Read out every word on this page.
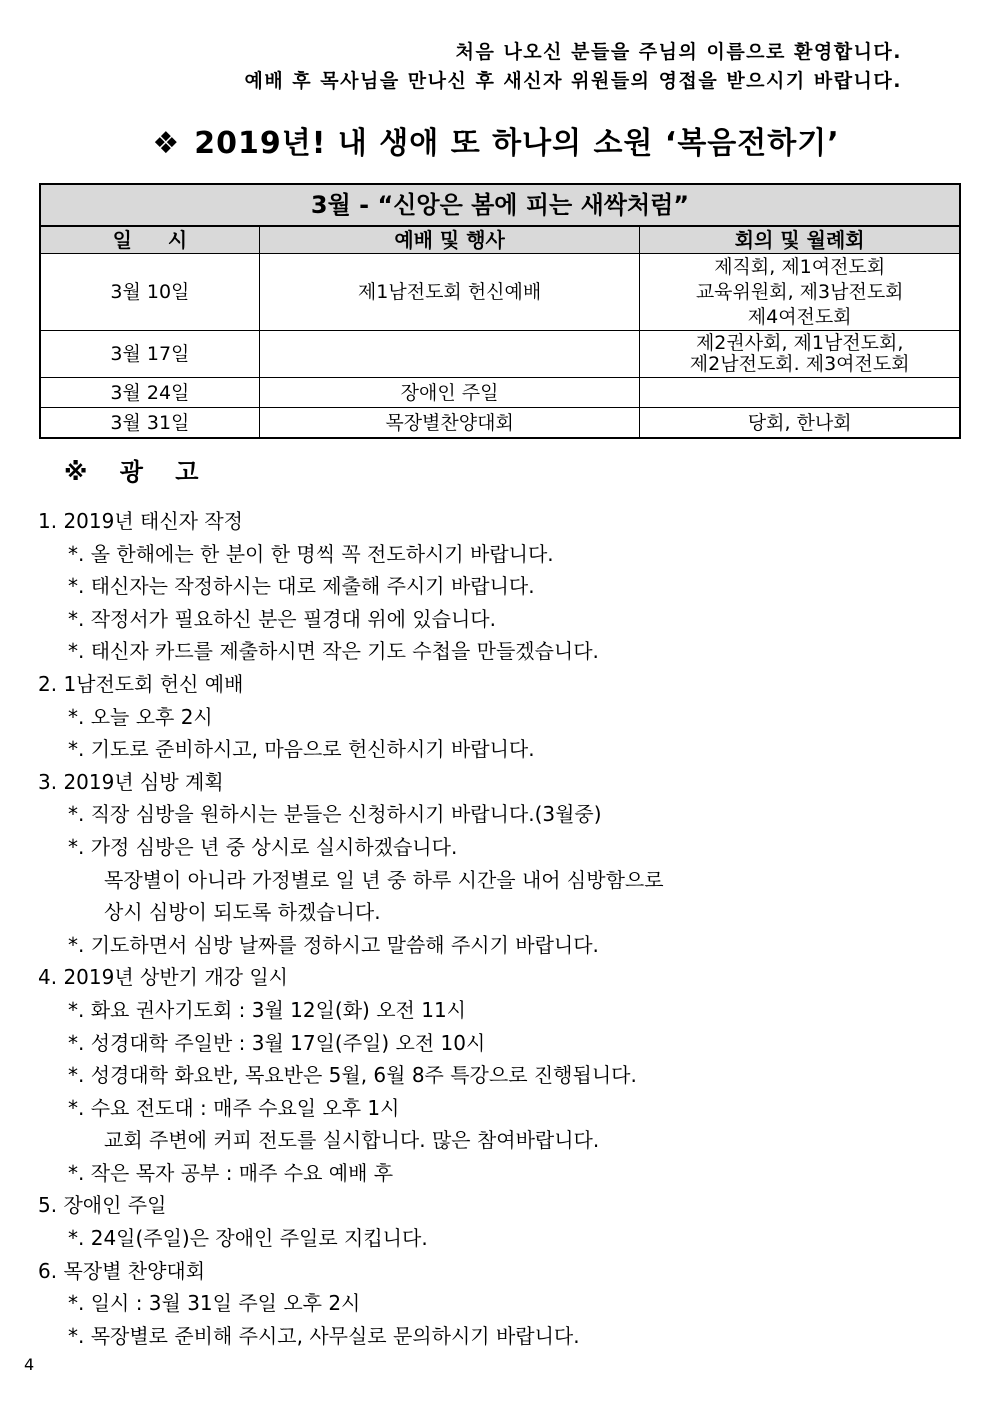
처음 나오신 분들을 주님의 이름으로 환영합니다.
예배 후 목사님을 만나신 후 새신자 위원들의 영접을 받으시기 바랍니다.
❖ 2019년! 내 생애 또 하나의 소원 ‘복음전하기’
3월 - “신앙은 봄에 피는 새싹처럼”		
일시	예배 및 행사	회의 및 월례회
3월 10일	제1남전도회 헌신예배	제직회, 제1여전도회
교육위원회, 제3남전도회
제4여전도회

3월 17일		제2권사회, 제1남전도회,
제2남전도회. 제3여전도회

3월 24일	장애인 주일	
3월 31일	목장별찬양대회	당회, 한나회
※ 광 고
1. 2019년 태신자 작정
*. 올 한해에는 한 분이 한 명씩 꼭 전도하시기 바랍니다.
*. 태신자는 작정하시는 대로 제출해 주시기 바랍니다.
*. 작정서가 필요하신 분은 필경대 위에 있습니다.
*. 태신자 카드를 제출하시면 작은 기도 수첩을 만들겠습니다.
2. 1남전도회 헌신 예배
*. 오늘 오후 2시
*. 기도로 준비하시고, 마음으로 헌신하시기 바랍니다.
3. 2019년 심방 계획
*. 직장 심방을 원하시는 분들은 신청하시기 바랍니다.(3월중)
*. 가정 심방은 년 중 상시로 실시하겠습니다.
목장별이 아니라 가정별로 일 년 중 하루 시간을 내어 심방함으로
상시 심방이 되도록 하겠습니다.
*. 기도하면서 심방 날짜를 정하시고 말씀해 주시기 바랍니다.
4. 2019년 상반기 개강 일시
*. 화요 권사기도회 : 3월 12일(화) 오전 11시
*. 성경대학 주일반 : 3월 17일(주일) 오전 10시
*. 성경대학 화요반, 목요반은 5월, 6월 8주 특강으로 진행됩니다.
*. 수요 전도대 : 매주 수요일 오후 1시
교회 주변에 커피 전도를 실시합니다. 많은 참여바랍니다.
*. 작은 목자 공부 : 매주 수요 예배 후
5. 장애인 주일
*. 24일(주일)은 장애인 주일로 지킵니다.
6. 목장별 찬양대회
*. 일시 : 3월 31일 주일 오후 2시
*. 목장별로 준비해 주시고, 사무실로 문의하시기 바랍니다.
4
